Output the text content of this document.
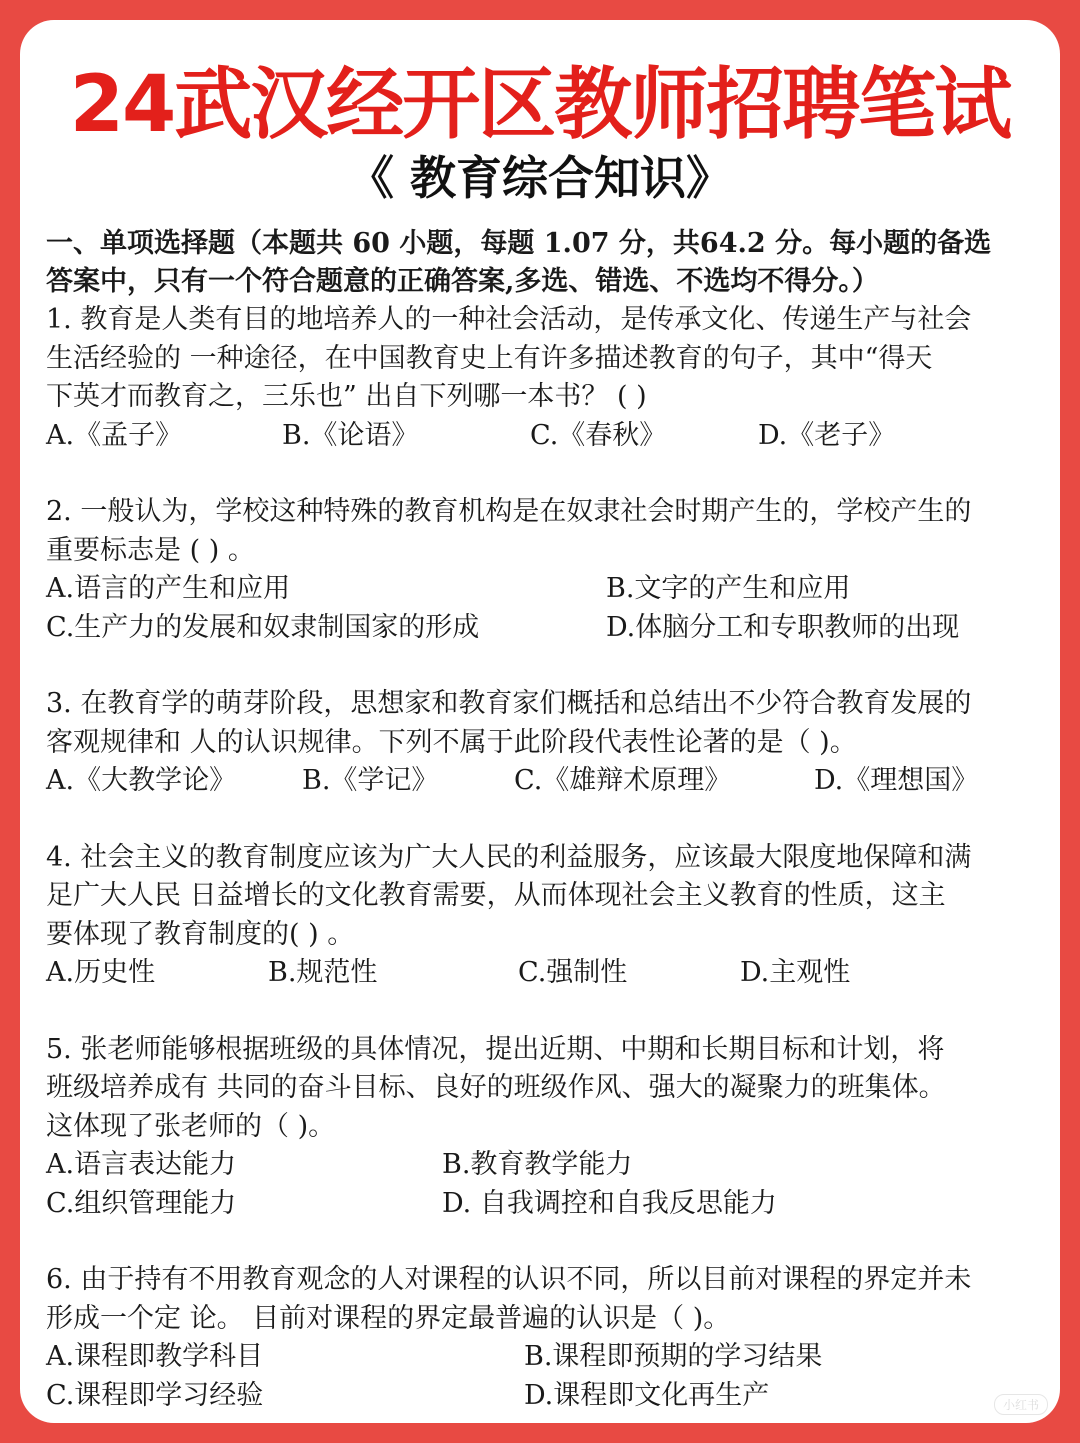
24武汉经开区教师招聘笔试
《 教育综合知识》
一、单项选择题（本题共 60 小题，每题 1.07 分，共64.2 分。每小题的备选
答案中，只有一个符合题意的正确答案,多选、错选、不选均不得分。）
1. 教育是人类有目的地培养人的一种社会活动，是传承文化、传递生产与社会
生活经验的 一种途径，在中国教育史上有许多描述教育的句子，其中“得天
下英才而教育之，三乐也” 出自下列哪一本书？ ( )
A.《孟子》	B.《论语》	C.《春秋》	D.《老子》
2. 一般认为，学校这种特殊的教育机构是在奴隶社会时期产生的，学校产生的
重要标志是 ( ) 。
A.语言的产生和应用	B.文字的产生和应用
C.生产力的发展和奴隶制国家的形成	D.体脑分工和专职教师的出现
3. 在教育学的萌芽阶段，思想家和教育家们概括和总结出不少符合教育发展的
客观规律和 人的认识规律。下列不属于此阶段代表性论著的是（ )。
A.《大教学论》 B.《学记》	C.《雄辩术原理》	D.《理想国》
4. 社会主义的教育制度应该为广大人民的利益服务，应该最大限度地保障和满
足广大人民 日益增长的文化教育需要，从而体现社会主义教育的性质，这主
要体现了教育制度的( ) 。
A.历史性	B.规范性	C.强制性	D.主观性
5. 张老师能够根据班级的具体情况，提出近期、中期和长期目标和计划，将
班级培养成有 共同的奋斗目标、良好的班级作风、强大的凝聚力的班集体。
这体现了张老师的（ )。
A.语言表达能力	B.教育教学能力
C.组织管理能力	D. 自我调控和自我反思能力
6. 由于持有不用教育观念的人对课程的认识不同，所以目前对课程的界定并未
形成一个定 论。 目前对课程的界定最普遍的认识是（ )。
A.课程即教学科目	B.课程即预期的学习结果
C.课程即学习经验	D.课程即文化再生产	小红书
